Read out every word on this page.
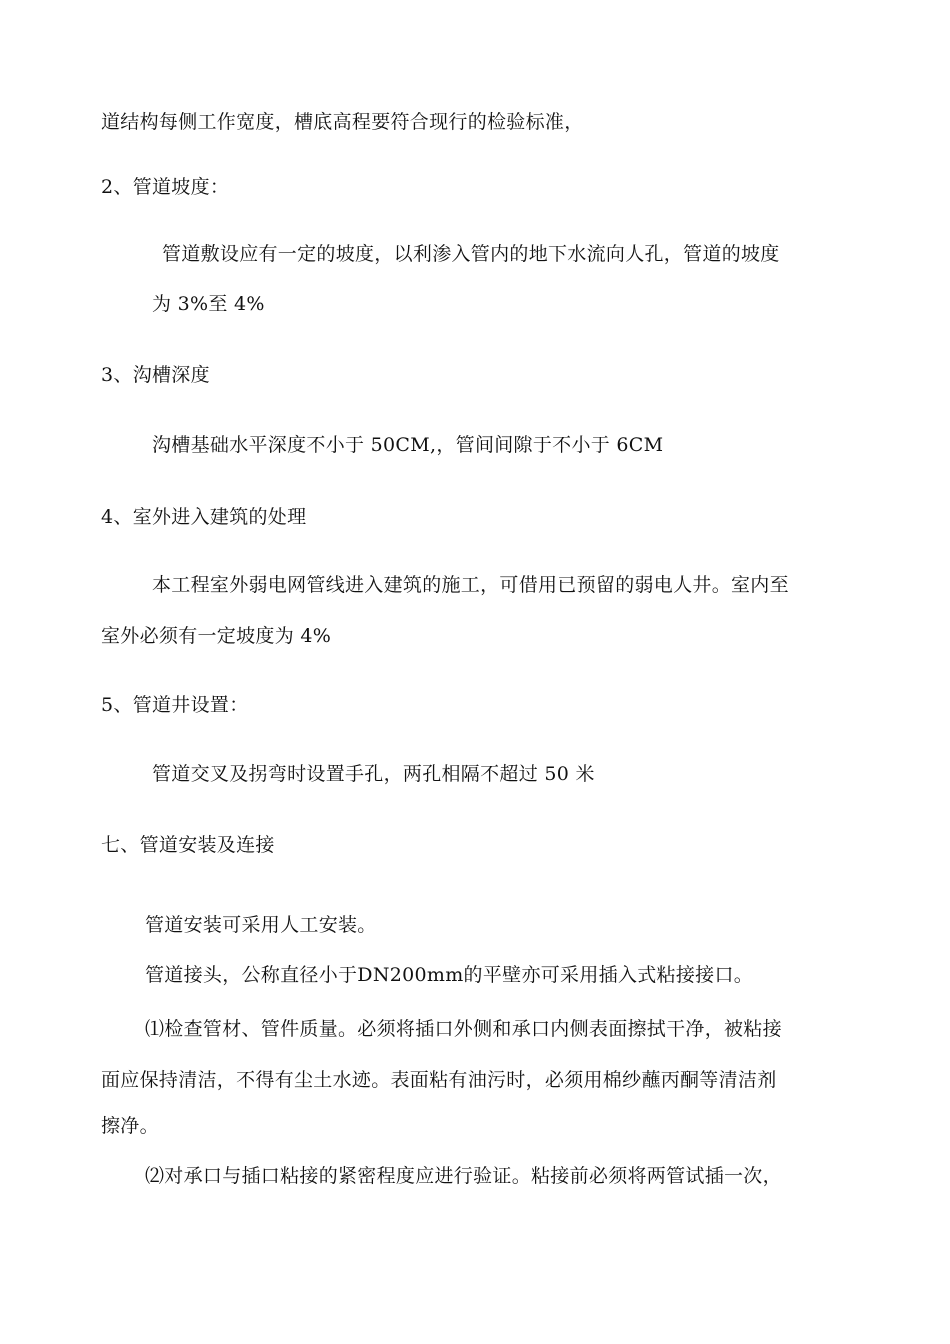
道结构每侧工作宽度，槽底高程要符合现行的检验标准，
2、管道坡度：
管道敷设应有一定的坡度，以利渗入管内的地下水流向人孔，管道的坡度
为 3%至 4%
3、沟槽深度
沟槽基础水平深度不小于 50CM,，管间间隙于不小于 6CM
4、室外进入建筑的处理
本工程室外弱电网管线进入建筑的施工，可借用已预留的弱电人井。室内至
室外必须有一定坡度为 4%
5、管道井设置：
管道交叉及拐弯时设置手孔，两孔相隔不超过 50 米
七、管道安装及连接
管道安装可采用人工安装。
管道接头，公称直径小于DN200mm的平壁亦可采用插入式粘接接口。
⑴检查管材、管件质量。必须将插口外侧和承口内侧表面擦拭干净，被粘接
面应保持清洁，不得有尘土水迹。表面粘有油污时，必须用棉纱蘸丙酮等清洁剂
擦净。
⑵对承口与插口粘接的紧密程度应进行验证。粘接前必须将两管试插一次，
